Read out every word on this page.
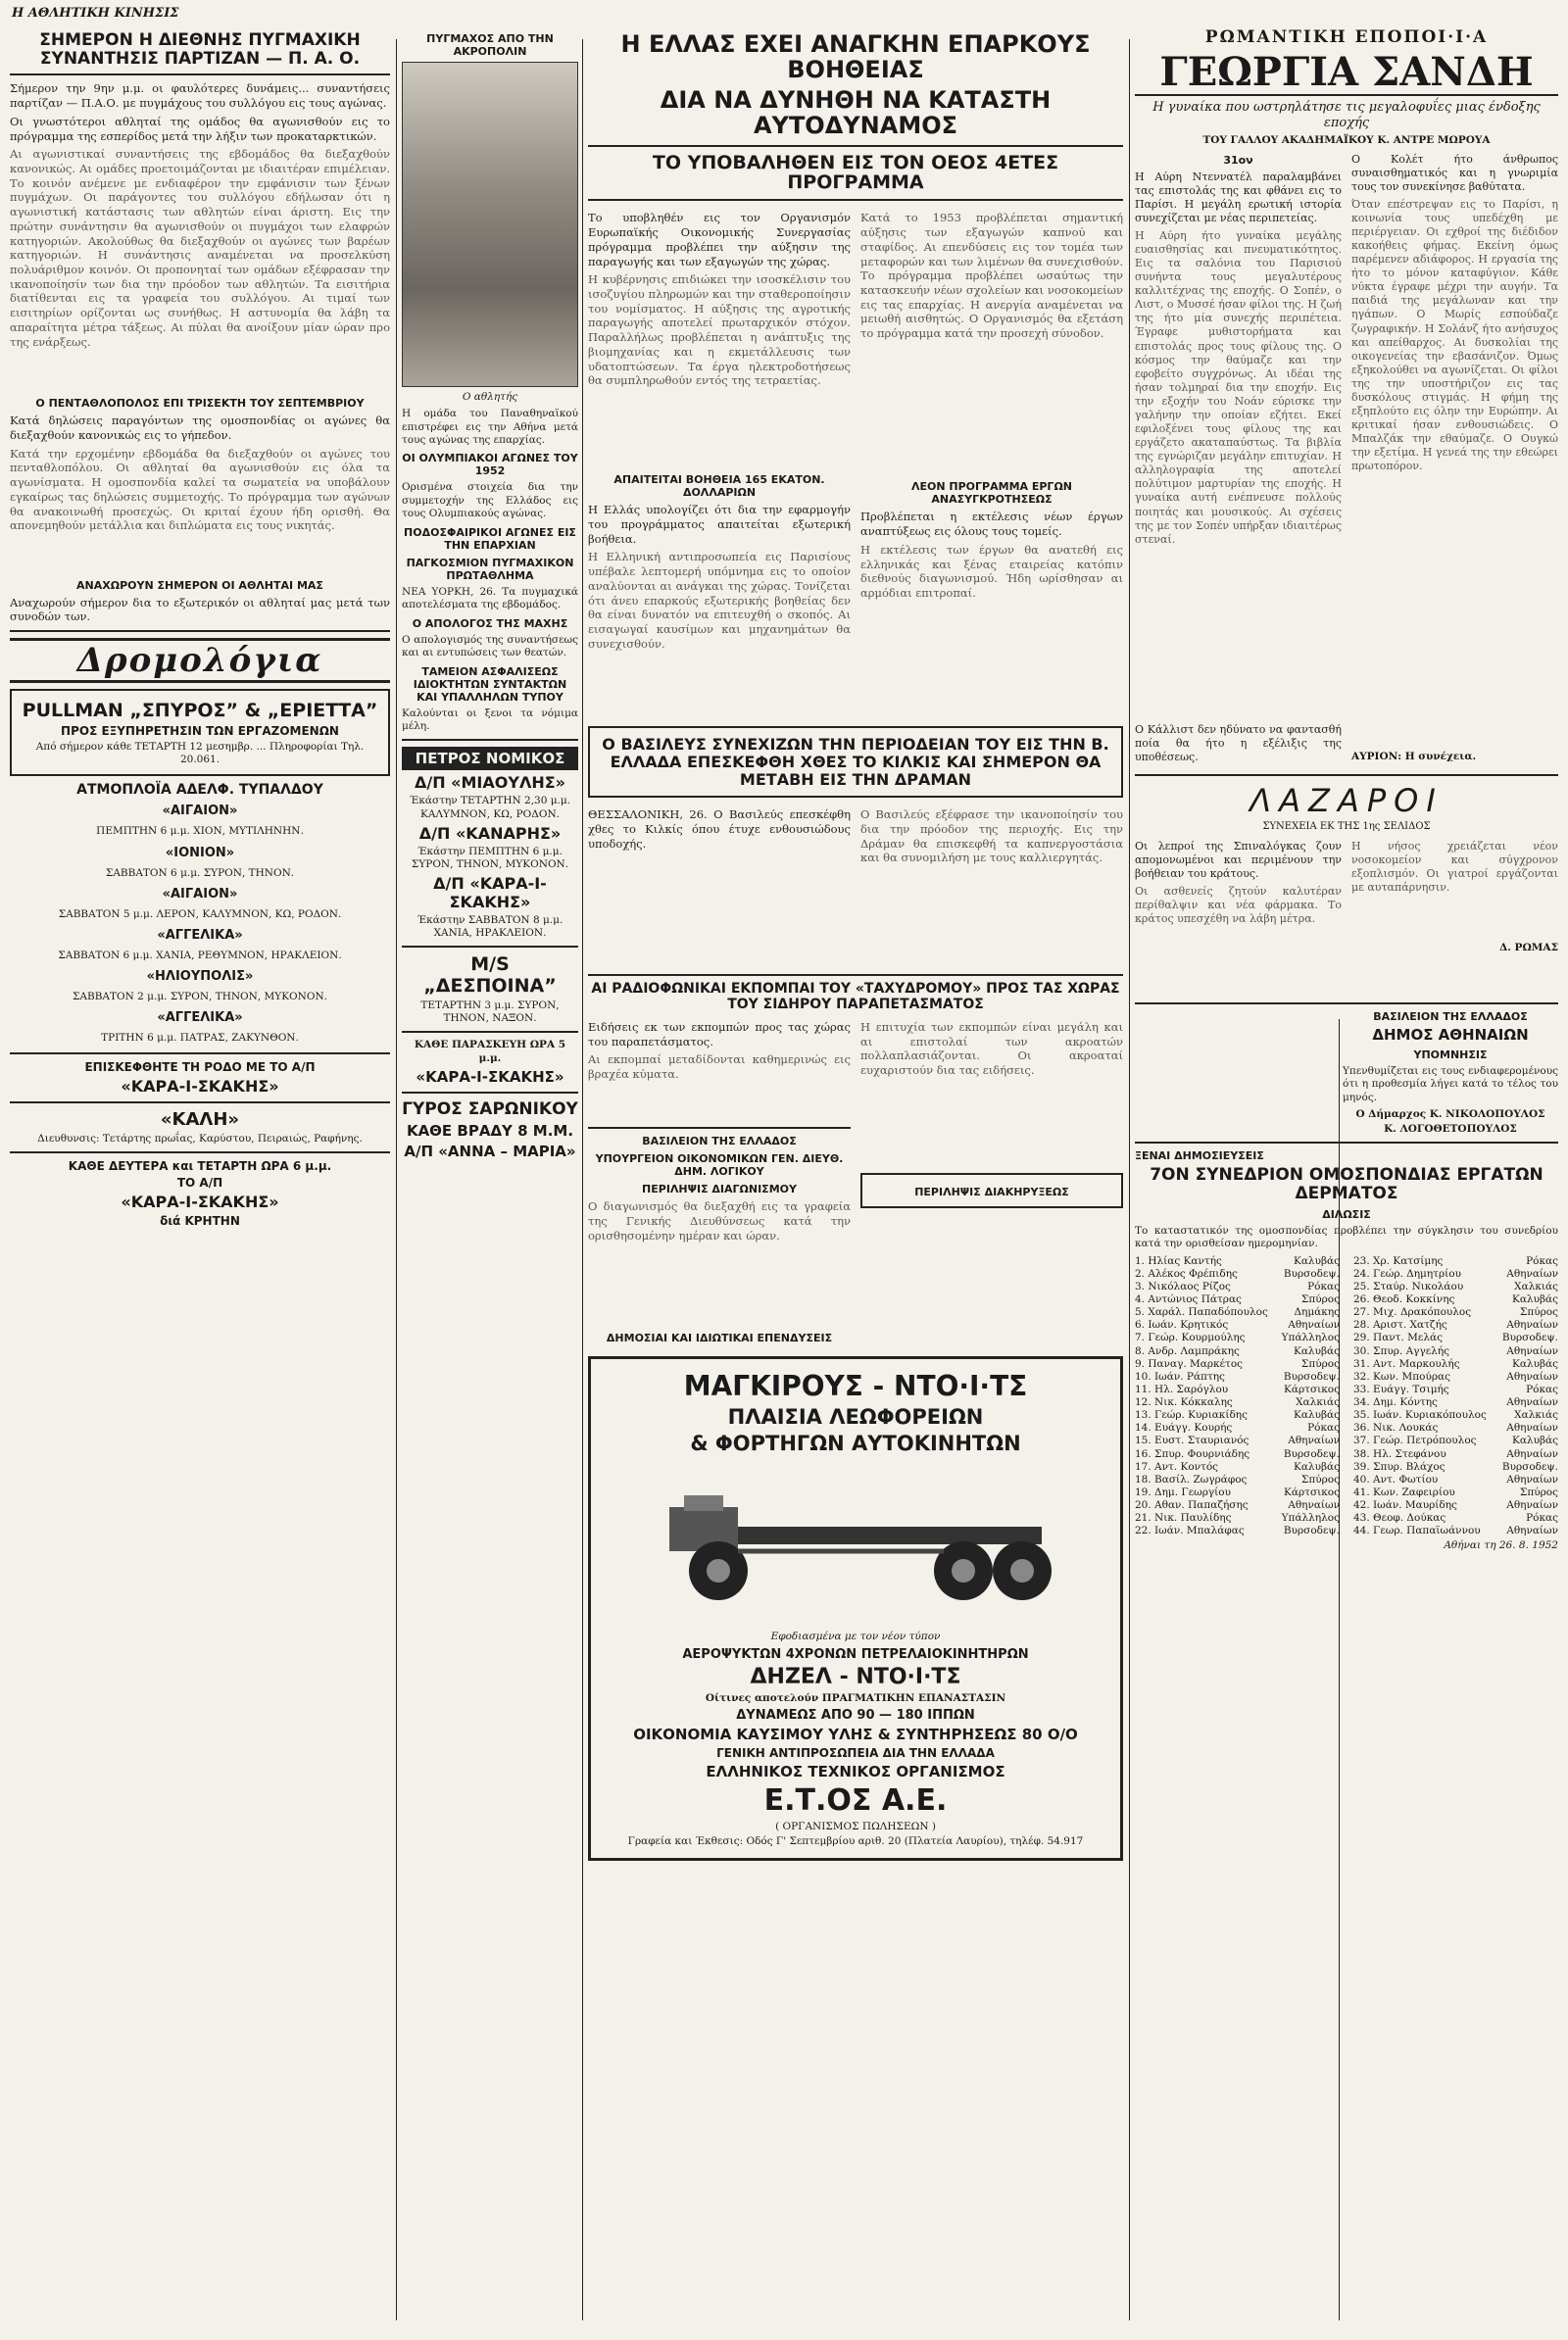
Η ΑΘΛΗΤΙΚΗ ΚΙΝΗΣΙΣ
ΣΗΜΕΡΟΝ Η ΔΙΕΘΝΗΣ ΠΥΓΜΑΧΙΚΗ ΣΥΝΑΝΤΗΣΙΣ ΠΑΡΤΙΖΑΝ — Π. Α. Ο.

Σήμερον την 9ην μ.μ. οι φαυλότερες δυνάμεις... συναντήσεις παρτίζαν — Π.Α.Ο. με πυγμάχους του συλλόγου εις τους αγώνας.

Οι γνωστότεροι αθληταί της ομάδος θα αγωνισθούν εις το πρόγραμμα της εσπερίδος μετά την λήξιν των προκαταρκτικών.

Αι αγωνιστικαί συναντήσεις της εβδομάδος θα διεξαχθούν κανονικώς. Αι ομάδες προετοιμάζονται με ιδιαιτέραν επιμέλειαν. Το κοινόν ανέμενε με ενδιαφέρον την εμφάνισιν των ξένων πυγμάχων. Οι παράγοντες του συλλόγου εδήλωσαν ότι η αγωνιστική κατάστασις των αθλητών είναι άριστη. Εις την πρώτην συνάντησιν θα αγωνισθούν οι πυγμάχοι των ελαφρών κατηγοριών. Ακολούθως θα διεξαχθούν οι αγώνες των βαρέων κατηγοριών. Η συνάντησις αναμένεται να προσελκύση πολυάριθμον κοινόν. Οι προπονηταί των ομάδων εξέφρασαν την ικανοποίησίν των δια την πρόοδον των αθλητών. Τα εισιτήρια διατίθενται εις τα γραφεία του συλλόγου. Αι τιμαί των εισιτηρίων ορίζονται ως συνήθως. Η αστυνομία θα λάβη τα απαραίτητα μέτρα τάξεως. Αι πύλαι θα ανοίξουν μίαν ώραν προ της ενάρξεως.

Ο ΠΕΝΤΑΘΛΟΠΟΛΟΣ ΕΠΙ ΤΡΙΣΕΚΤΗ ΤΟΥ ΣΕΠΤΕΜΒΡΙΟΥ

Κατά δηλώσεις παραγόντων της ομοσπονδίας οι αγώνες θα διεξαχθούν κανονικώς εις το γήπεδον.

Κατά την ερχομένην εβδομάδα θα διεξαχθούν οι αγώνες του πενταθλοπόλου. Οι αθληταί θα αγωνισθούν εις όλα τα αγωνίσματα. Η ομοσπονδία καλεί τα σωματεία να υποβάλουν εγκαίρως τας δηλώσεις συμμετοχής. Το πρόγραμμα των αγώνων θα ανακοινωθή προσεχώς. Οι κριταί έχουν ήδη ορισθή. Θα απονεμηθούν μετάλλια και διπλώματα εις τους νικητάς.

ΑΝΑΧΩΡΟΥΝ ΣΗΜΕΡΟΝ ΟΙ ΑΘΛΗΤΑΙ ΜΑΣ

Αναχωρούν σήμερον δια το εξωτερικόν οι αθληταί μας μετά των συνοδών των.

Δρομολόγια
PULLMAN „ΣΠΥΡΟΣ” & „ΕΡΙΕΤΤΑ”
ΠΡΟΣ ΕΞΥΠΗΡΕΤΗΣΙΝ ΤΩΝ ΕΡΓΑΖΟΜΕΝΩΝ
Από σήμερον κάθε ΤΕΤΑΡΤΗ 12 μεσημβρ. ... Πληροφορίαι Τηλ. 20.061.
ΑΤΜΟΠΛΟΪΑ ΑΔΕΛΦ. ΤΥΠΑΛΔΟΥ
«ΑΙΓΑΙΟΝ»
ΠΕΜΠΤΗΝ 6 μ.μ. ΧΙΟΝ, ΜΥΤΙΛΗΝΗΝ.
«ΙΟΝΙΟΝ»
ΣΑΒΒΑΤΟΝ 6 μ.μ. ΣΥΡΟΝ, ΤΗΝΟΝ.
«ΑΙΓΑΙΟΝ»
ΣΑΒΒΑΤΟΝ 5 μ.μ. ΛΕΡΟΝ, ΚΑΛΥΜΝΟΝ, ΚΩ, ΡΟΔΟΝ.
«ΑΓΓΕΛΙΚΑ»
ΣΑΒΒΑΤΟΝ 6 μ.μ. ΧΑΝΙΑ, ΡΕΘΥΜΝΟΝ, ΗΡΑΚΛΕΙΟΝ.
«ΗΛΙΟΥΠΟΛΙΣ»
ΣΑΒΒΑΤΟΝ 2 μ.μ. ΣΥΡΟΝ, ΤΗΝΟΝ, ΜΥΚΟΝΟΝ.
«ΑΓΓΕΛΙΚΑ»
ΤΡΙΤΗΝ 6 μ.μ. ΠΑΤΡΑΣ, ΖΑΚΥΝΘΟΝ.
ΕΠΙΣΚΕΦΘΗΤΕ ΤΗ ΡΟΔΟ ΜΕ ΤΟ Α/Π
«ΚΑΡΑ-Ι-ΣΚΑΚΗΣ»
«ΚΑΛΗ»
Διευθυνσις: Τετάρτης πρωΐας, Καρύστου, Πειραιώς, Ραφήνης.
ΚΑΘΕ ΔΕΥΤΕΡΑ και ΤΕΤΑΡΤΗ ΩΡΑ 6 μ.μ.
ΤΟ Α/Π
«ΚΑΡΑ-Ι-ΣΚΑΚΗΣ»
διά ΚΡΗΤΗΝ
ΠΥΓΜΑΧΟΣ ΑΠΟ ΤΗΝ ΑΚΡΟΠΟΛΙΝ
Ο αθλητής

Η ομάδα του Παναθηναϊκού επιστρέφει εις την Αθήνα μετά τους αγώνας της επαρχίας.

ΟΙ ΟΛΥΜΠΙΑΚΟΙ ΑΓΩΝΕΣ ΤΟΥ 1952

Ορισμένα στοιχεία δια την συμμετοχήν της Ελλάδος εις τους Ολυμπιακούς αγώνας.

ΠΟΔΟΣΦΑΙΡΙΚΟΙ ΑΓΩΝΕΣ ΕΙΣ ΤΗΝ ΕΠΑΡΧΙΑΝ
ΠΑΓΚΟΣΜΙΟΝ ΠΥΓΜΑΧΙΚΟΝ ΠΡΩΤΑΘΛΗΜΑ

ΝΕΑ ΥΟΡΚΗ, 26. Τα πυγμαχικά αποτελέσματα της εβδομάδος.

Ο ΑΠΟΛΟΓΟΣ ΤΗΣ ΜΑΧΗΣ

Ο απολογισμός της συναντήσεως και αι εντυπώσεις των θεατών.

ΤΑΜΕΙΟΝ ΑΣΦΑΛΙΣΕΩΣ ΙΔΙΟΚΤΗΤΩΝ ΣΥΝΤΑΚΤΩΝ ΚΑΙ ΥΠΑΛΛΗΛΩΝ ΤΥΠΟΥ

Καλούνται οι ξενοι τα νόμιμα μέλη.

ΠΕΤΡΟΣ ΝΟΜΙΚΟΣ
Δ/Π «ΜΙΑΟΥΛΗΣ»
Έκάστην ΤΕΤΑΡΤΗΝ 2,30 μ.μ. ΚΑΛΥΜΝΟΝ, ΚΩ, ΡΟΔΟΝ.
Δ/Π «ΚΑΝΑΡΗΣ»
Έκάστην ΠΕΜΠΤΗΝ 6 μ.μ. ΣΥΡΟΝ, ΤΗΝΟΝ, ΜΥΚΟΝΟΝ.
Δ/Π «ΚΑΡΑ-Ι-ΣΚΑΚΗΣ»
Έκάστην ΣΑΒΒΑΤΟΝ 8 μ.μ. ΧΑΝΙΑ, ΗΡΑΚΛΕΙΟΝ.
Μ/S „ΔΕΣΠΟΙΝΑ”
ΤΕΤΑΡΤΗΝ 3 μ.μ. ΣΥΡΟΝ, ΤΗΝΟΝ, ΝΑΞΟΝ.
ΚΑΘΕ ΠΑΡΑΣΚΕΥΗ ΩΡΑ 5 μ.μ.
«ΚΑΡΑ-Ι-ΣΚΑΚΗΣ»
ΓΥΡΟΣ ΣΑΡΩΝΙΚΟΥ
ΚΑΘΕ ΒΡΑΔΥ 8 Μ.Μ.
Α/Π «ΑΝΝΑ – ΜΑΡΙΑ»
Η ΕΛΛΑΣ ΕΧΕΙ ΑΝΑΓΚΗΝ ΕΠΑΡΚΟΥΣ ΒΟΗΘΕΙΑΣ
ΔΙΑ ΝΑ ΔΥΝΗΘΗ ΝΑ ΚΑΤΑΣΤΗ ΑΥΤΟΔΥΝΑΜΟΣ
ΤΟ ΥΠΟΒΑΛΗΘΕΝ ΕΙΣ ΤΟΝ ΟΕΟΣ 4ΕΤΕΣ ΠΡΟΓΡΑΜΜΑ

Το υποβληθέν εις τον Οργανισμόν Ευρωπαϊκής Οικονομικής Συνεργασίας πρόγραμμα προβλέπει την αύξησιν της παραγωγής και των εξαγωγών της χώρας.

Η κυβέρνησις επιδιώκει την ισοσκέλισιν του ισοζυγίου πληρωμών και την σταθεροποίησιν του νομίσματος. Η αύξησις της αγροτικής παραγωγής αποτελεί πρωταρχικόν στόχον. Παραλλήλως προβλέπεται η ανάπτυξις της βιομηχανίας και η εκμετάλλευσις των υδατοπτώσεων. Τα έργα ηλεκτροδοτήσεως θα συμπληρωθούν εντός της τετραετίας.

ΑΠΑΙΤΕΙΤΑΙ ΒΟΗΘΕΙΑ 165 ΕΚΑΤΟΝ. ΔΟΛΛΑΡΙΩΝ

Η Ελλάς υπολογίζει ότι δια την εφαρμογήν του προγράμματος απαιτείται εξωτερική βοήθεια.

Η Ελληνική αντιπροσωπεία εις Παρισίους υπέβαλε λεπτομερή υπόμνημα εις το οποίον αναλύονται αι ανάγκαι της χώρας. Τονίζεται ότι άνευ επαρκούς εξωτερικής βοηθείας δεν θα είναι δυνατόν να επιτευχθή ο σκοπός. Αι εισαγωγαί καυσίμων και μηχανημάτων θα συνεχισθούν.

Κατά το 1953 προβλέπεται σημαντική αύξησις των εξαγωγών καπνού και σταφίδος. Αι επενδύσεις εις τον τομέα των μεταφορών και των λιμένων θα συνεχισθούν. Το πρόγραμμα προβλέπει ωσαύτως την κατασκευήν νέων σχολείων και νοσοκομείων εις τας επαρχίας. Η ανεργία αναμένεται να μειωθή αισθητώς. Ο Οργανισμός θα εξετάση το πρόγραμμα κατά την προσεχή σύνοδον.

ΛΕΟΝ ΠΡΟΓΡΑΜΜΑ ΕΡΓΩΝ ΑΝΑΣΥΓΚΡΟΤΗΣΕΩΣ

Προβλέπεται η εκτέλεσις νέων έργων αναπτύξεως εις όλους τους τομείς.

Η εκτέλεσις των έργων θα ανατεθή εις ελληνικάς και ξένας εταιρείας κατόπιν διεθνούς διαγωνισμού. Ήδη ωρίσθησαν αι αρμόδιαι επιτροπαί.

Ο ΒΑΣΙΛΕΥΣ ΣΥΝΕΧΙΖΩΝ ΤΗΝ ΠΕΡΙΟΔΕΙΑΝ ΤΟΥ ΕΙΣ ΤΗΝ Β. ΕΛΛΑΔΑ ΕΠΕΣΚΕΦΘΗ ΧΘΕΣ ΤΟ ΚΙΛΚΙΣ ΚΑΙ ΣΗΜΕΡΟΝ ΘΑ ΜΕΤΑΒΗ ΕΙΣ ΤΗΝ ΔΡΑΜΑΝ

ΘΕΣΣΑΛΟΝΙΚΗ, 26. Ο Βασιλεύς επεσκέφθη χθες το Κιλκίς όπου έτυχε ενθουσιώδους υποδοχής.

Ο Βασιλεύς εξέφρασε την ικανοποίησίν του δια την πρόοδον της περιοχής. Εις την Δράμαν θα επισκεφθή τα καπνεργοστάσια και θα συνομιλήση με τους καλλιεργητάς.

ΑΙ ΡΑΔΙΟΦΩΝΙΚΑΙ ΕΚΠΟΜΠΑΙ ΤΟΥ «ΤΑΧΥΔΡΟΜΟΥ» ΠΡΟΣ ΤΑΣ ΧΩΡΑΣ ΤΟΥ ΣΙΔΗΡΟΥ ΠΑΡΑΠΕΤΑΣΜΑΤΟΣ

Ειδήσεις εκ των εκπομπών προς τας χώρας του παραπετάσματος.

Αι εκπομπαί μεταδίδονται καθημερινώς εις βραχέα κύματα.

ΒΑΣΙΛΕΙΟΝ ΤΗΣ ΕΛΛΑΔΟΣ
ΥΠΟΥΡΓΕΙΟΝ ΟΙΚΟΝΟΜΙΚΩΝ ΓΕΝ. ΔΙΕΥΘ. ΔΗΜ. ΛΟΓΙΚΟΥ
ΠΕΡΙΛΗΨΙΣ ΔΙΑΓΩΝΙΣΜΟΥ

Ο διαγωνισμός θα διεξαχθή εις τα γραφεία της Γενικής Διευθύνσεως κατά την ορισθησομένην ημέραν και ώραν.

ΔΗΜΟΣΙΑΙ ΚΑΙ ΙΔΙΩΤΙΚΑΙ ΕΠΕΝΔΥΣΕΙΣ

Η επιτυχία των εκπομπών είναι μεγάλη και αι επιστολαί των ακροατών πολλαπλασιάζονται. Οι ακροαταί ευχαριστούν δια τας ειδήσεις.

ΠΕΡΙΛΗΨΙΣ ΔΙΑΚΗΡΥΞΕΩΣ
ΜΑΓΚΙΡΟΥΣ - ΝΤΟ·Ι·ΤΣ
ΠΛΑΙΣΙΑ ΛΕΩΦΟΡΕΙΩΝ
& ΦΟΡΤΗΓΩΝ ΑΥΤΟΚΙΝΗΤΩΝ
Εφοδιασμένα με τον νέον τύπον
ΑΕΡΟΨΥΚΤΩΝ 4ΧΡΟΝΩΝ ΠΕΤΡΕΛΑΙΟΚΙΝΗΤΗΡΩΝ
ΔΗΖΕΛ - ΝΤΟ·Ι·ΤΣ
Οίτινες αποτελούν ΠΡΑΓΜΑΤΙΚΗΝ ΕΠΑΝΑΣΤΑΣΙΝ
ΔΥΝΑΜΕΩΣ ΑΠΟ 90 — 180 ΙΠΠΩΝ
ΟΙΚΟΝΟΜΙΑ ΚΑΥΣΙΜΟΥ ΥΛΗΣ & ΣΥΝΤΗΡΗΣΕΩΣ 80 Ο/Ο
ΓΕΝΙΚΗ ΑΝΤΙΠΡΟΣΩΠΕΙΑ ΔΙΑ ΤΗΝ ΕΛΛΑΔΑ
ΕΛΛΗΝΙΚΟΣ ΤΕΧΝΙΚΟΣ ΟΡΓΑΝΙΣΜΟΣ
Ε.Τ.ΟΣ Α.Ε.
( ΟΡΓΑΝΙΣΜΟΣ ΠΩΛΗΣΕΩΝ )
Γραφεία και Έκθεσις: Οδός Γ' Σεπτεμβρίου αριθ. 20 (Πλατεία Λαυρίου), τηλέφ. 54.917
ΡΩΜΑΝΤΙΚΗ ΕΠΟΠΟΙ·Ι·Α
ΓΕΩΡΓΙΑ ΣΑΝΔΗ
Η γυναίκα που ωστρηλάτησε τις μεγαλοφυΐες μιας ένδοξης εποχής
ΤΟΥ ΓΑΛΛΟΥ ΑΚΑΔΗΜΑΪΚΟΥ Κ. ΑΝΤΡΕ ΜΩΡΟΥΑ
31ον

Η Αύρη Ντεννατέλ παραλαμβάνει τας επιστολάς της και φθάνει εις το Παρίσι. Η μεγάλη ερωτική ιστορία συνεχίζεται με νέας περιπετείας.

Η Αύρη ήτο γυναίκα μεγάλης ευαισθησίας και πνευματικότητος. Εις τα σαλόνια του Παρισιού συνήντα τους μεγαλυτέρους καλλιτέχνας της εποχής. Ο Σοπέν, ο Λιστ, ο Μυσσέ ήσαν φίλοι της. Η ζωή της ήτο μία συνεχής περιπέτεια. Έγραφε μυθιστορήματα και επιστολάς προς τους φίλους της. Ο κόσμος την θαύμαζε και την εφοβείτο συγχρόνως. Αι ιδέαι της ήσαν τολμηραί δια την εποχήν. Εις την εξοχήν του Νοάν εύρισκε την γαλήνην την οποίαν εζήτει. Εκεί εφιλοξένει τους φίλους της και εργάζετο ακαταπαύστως. Τα βιβλία της εγνώριζαν μεγάλην επιτυχίαν. Η αλληλογραφία της αποτελεί πολύτιμον μαρτυρίαν της εποχής. Η γυναίκα αυτή ενέπνευσε πολλούς ποιητάς και μουσικούς. Αι σχέσεις της με τον Σοπέν υπήρξαν ιδιαιτέρως στεναί.

Ο Κάλλιστ δεν ηδύνατο να φαντασθή ποία θα ήτο η εξέλιξις της υποθέσεως.

Ο Κολέτ ήτο άνθρωπος συναισθηματικός και η γνωριμία τους τον συνεκίνησε βαθύτατα.

Όταν επέστρεψαν εις το Παρίσι, η κοινωνία τους υπεδέχθη με περιέργειαν. Οι εχθροί της διέδιδον κακοήθεις φήμας. Εκείνη όμως παρέμενεν αδιάφορος. Η εργασία της ήτο το μόνον καταφύγιον. Κάθε νύκτα έγραφε μέχρι την αυγήν. Τα παιδιά της μεγάλωναν και την ηγάπων. Ο Μωρίς εσπούδαζε ζωγραφικήν. Η Σολάνζ ήτο ανήσυχος και απείθαρχος. Αι δυσκολίαι της οικογενείας την εβασάνιζον. Όμως εξηκολούθει να αγωνίζεται. Οι φίλοι της την υποστήριζον εις τας δυσκόλους στιγμάς. Η φήμη της εξηπλούτο εις όλην την Ευρώπην. Αι κριτικαί ήσαν ενθουσιώδεις. Ο Μπαλζάκ την εθαύμαζε. Ο Ουγκώ την εξετίμα. Η γενεά της την εθεώρει πρωτοπόρον.

ΑΥΡΙΟΝ: Η συνέχεια.
ΛΑΖΑΡΟΙ
ΣΥΝΕΧΕΙΑ ΕΚ ΤΗΣ 1ης ΣΕΛΙΔΟΣ

Οι λεπροί της Σπιναλόγκας ζουν απομονωμένοι και περιμένουν την βοήθειαν του κράτους.

Οι ασθενείς ζητούν καλυτέραν περίθαλψιν και νέα φάρμακα. Το κράτος υπεσχέθη να λάβη μέτρα.

Η νήσος χρειάζεται νέον νοσοκομείον και σύγχρονον εξοπλισμόν. Οι γιατροί εργάζονται με αυταπάρνησιν.

Δ. ΡΩΜΑΣ
ΒΑΣΙΛΕΙΟΝ ΤΗΣ ΕΛΛΑΔΟΣ
ΔΗΜΟΣ ΑΘΗΝΑΙΩΝ
ΥΠΟΜΝΗΣΙΣ

Υπενθυμίζεται εις τους ενδιαφερομένους ότι η προθεσμία λήγει κατά το τέλος του μηνός.

Ο Δήμαρχος Κ. ΝΙΚΟΛΟΠΟΥΛΟΣ
Κ. ΛΟΓΟΘΕΤΟΠΟΥΛΟΣ
ΞΕΝΑΙ ΔΗΜΟΣΙΕΥΣΕΙΣ
7ΟΝ ΣΥΝΕΔΡΙΟΝ ΟΜΟΣΠΟΝΔΙΑΣ ΕΡΓΑΤΩΝ ΔΕΡΜΑΤΟΣ
ΔΙΛΩΣΙΣ

Το καταστατικόν της ομοσπονδίας προβλέπει την σύγκλησιν του συνεδρίου κατά την ορισθείσαν ημερομηνίαν.

1. Ηλίας Καντής	Καλυβάς
2. Αλέκος Φρέπιδης	Βυρσοδεψ.
3. Νικόλαος Ρίζος	Ρόκας
4. Αντώνιος Πάτρας	Σπύρος
5. Χαράλ. Παπαδόπουλος	Δημάκης
6. Ιωάν. Κρητικός	Αθηναίων
7. Γεώρ. Κουρμούλης	Υπάλληλος
8. Ανδρ. Λαμπράκης	Καλυβάς
9. Παναγ. Μαρκέτος	Σπύρος
10. Ιωάν. Ράπτης	Βυρσοδεψ.
11. Ηλ. Σαρόγλου	Κάρτσικος
12. Νικ. Κόκκαλης	Χαλκιάς
13. Γεώρ. Κυριακίδης	Καλυβάς
14. Ευάγγ. Κουρής	Ρόκας
15. Ευστ. Σταυριανός	Αθηναίων
16. Σπυρ. Φουρνιάδης	Βυρσοδεψ.
17. Αντ. Κοντός	Καλυβάς
18. Βασίλ. Ζωγράφος	Σπύρος
19. Δημ. Γεωργίου	Κάρτσικος
20. Αθαν. Παπαζήσης	Αθηναίων
21. Νικ. Παυλίδης	Υπάλληλος
22. Ιωάν. Μπαλάφας	Βυρσοδεψ.
23. Χρ. Κατσίμης	Ρόκας
24. Γεώρ. Δημητρίου	Αθηναίων
25. Σταύρ. Νικολάου	Χαλκιάς
26. Θεοδ. Κοκκίνης	Καλυβάς
27. Μιχ. Δρακόπουλος	Σπύρος
28. Αριστ. Χατζής	Αθηναίων
29. Παντ. Μελάς	Βυρσοδεψ.
30. Σπυρ. Αγγελής	Αθηναίων
31. Αντ. Μαρκουλής	Καλυβάς
32. Κων. Μπούρας	Αθηναίων
33. Ευάγγ. Τσιμής	Ρόκας
34. Δημ. Κόντης	Αθηναίων
35. Ιωάν. Κυριακόπουλος	Χαλκιάς
36. Νικ. Λουκάς	Αθηναίων
37. Γεώρ. Πετρόπουλος	Καλυβάς
38. Ηλ. Στεφάνου	Αθηναίων
39. Σπυρ. Βλάχος	Βυρσοδεψ.
40. Αντ. Φωτίου	Αθηναίων
41. Κων. Ζαφειρίου	Σπύρος
42. Ιωάν. Μαυρίδης	Αθηναίων
43. Θεοφ. Δούκας	Ρόκας
44. Γεωρ. Παπαϊωάννου	Αθηναίων
Αθήναι τη 26. 8. 1952
